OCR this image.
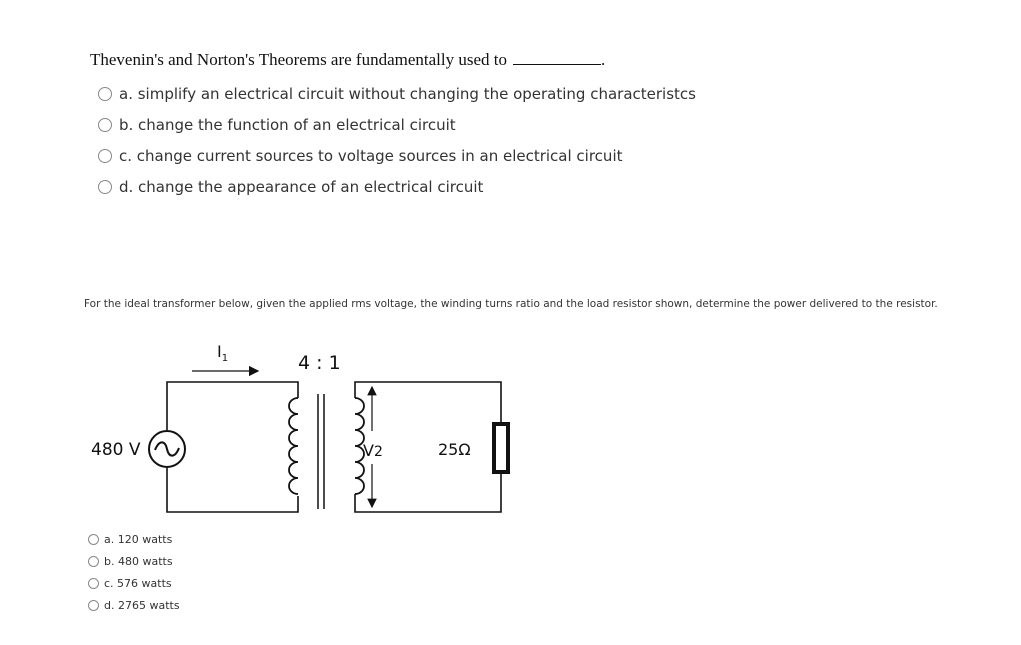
Thevenin's and Norton's Theorems are fundamentally used to	.
a. simplify an electrical circuit without changing the operating characteristcs
b. change the function of an electrical circuit
c. change current sources to voltage sources in an electrical circuit
d. change the appearance of an electrical circuit
For the ideal transformer below, given the applied rms voltage, the winding turns ratio and the load resistor shown, determine the power delivered to the resistor.
$I_1$	4 : 1
480 V	V2	25Ω
a. 120 watts
b. 480 watts
c. 576 watts
d. 2765 watts
